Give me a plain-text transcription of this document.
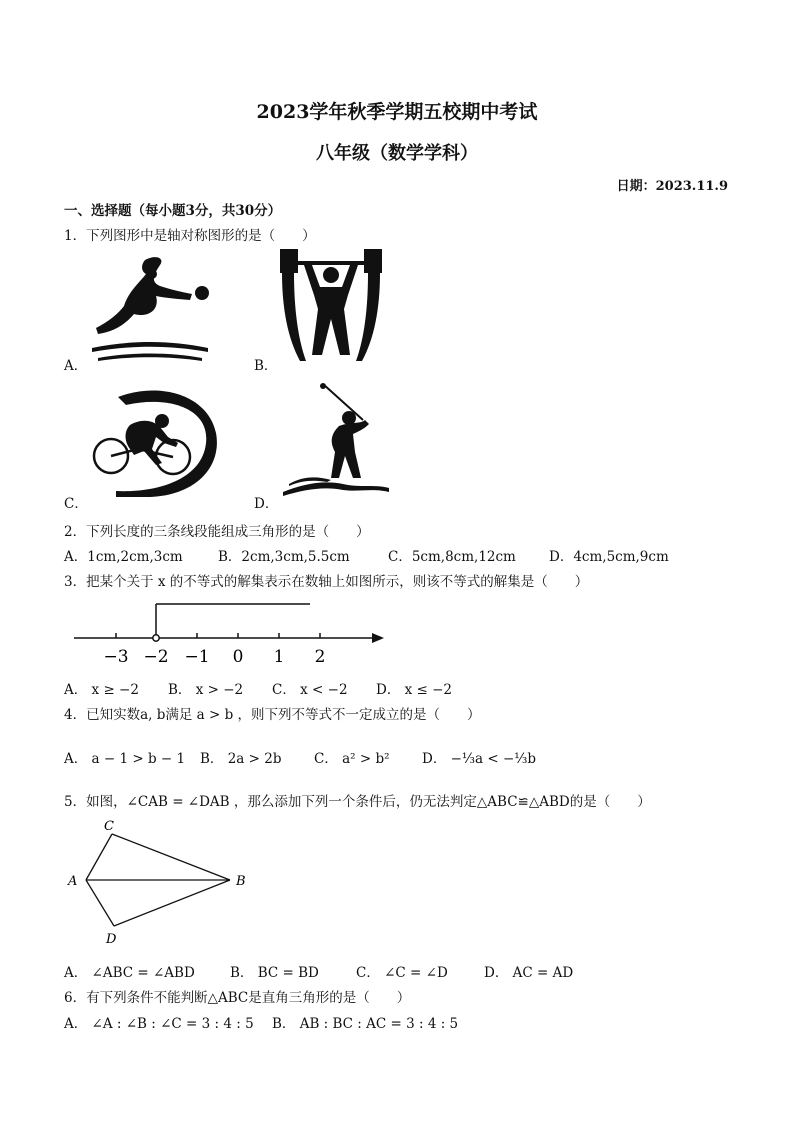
2023学年秋季学期五校期中考试
八年级（数学学科）
日期：2023.11.9
一、选择题（每小题3分，共30分）
1．下列图形中是轴对称图形的是（　　）
A．	B．
C．	D．
2．下列长度的三条线段能组成三角形的是（　　）
A．1cm,2cm,3cm	B．2cm,3cm,5.5cm	C．5cm,8cm,12cm D．4cm,5cm,9cm
3．把某个关于 x 的不等式的解集表示在数轴上如图所示，则该不等式的解集是（　　）
−3 −2 −1 0 1 2
A． x ≥ −2 B． x > −2 C． x < −2 D． x ≤ −2
4．已知实数a, b满足 a > b ，则下列不等式不一定成立的是（　　）
A． a − 1 > b − 1 B． 2a > 2b C． a² > b² D． −⅓a < −⅓b
5．如图，∠CAB = ∠DAB ，那么添加下列一个条件后，仍无法判定△ABC≌△ABD的是（　　）
C
A	B
D
A． ∠ABC = ∠ABD	B． BC = BD	C． ∠C = ∠D	D． AC = AD
6．有下列条件不能判断△ABC是直角三角形的是（　　）
A． ∠A : ∠B : ∠C = 3 : 4 : 5 B． AB : BC : AC = 3 : 4 : 5
